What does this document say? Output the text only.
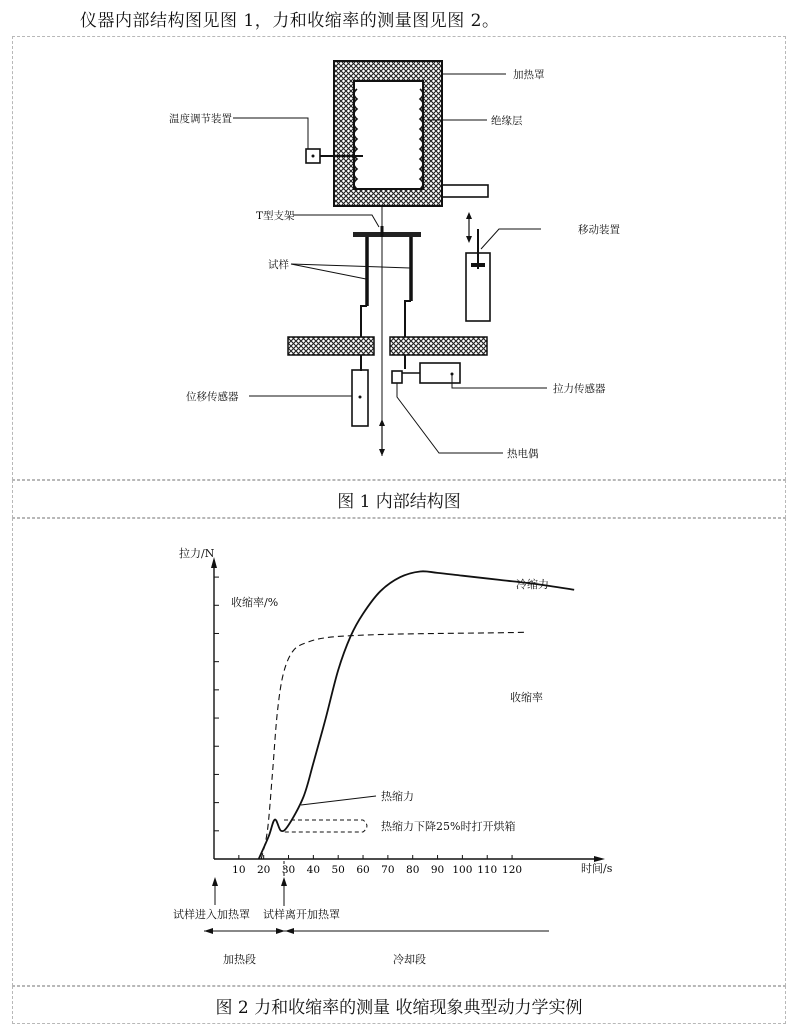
仪器内部结构图见图 1，力和收缩率的测量图见图 2。
加热罩
绝缘层
温度调节装置
T型支架
移动装置
试样
位移传感器
拉力传感器
热电偶
图 1 内部结构图
10 20 30 40 50 60 70 80 90 100 110 120
拉力/N
收缩率/%
时间/s
冷缩力
收缩率
热缩力
热缩力下降25%时打开烘箱
试样进入加热罩 试样离开加热罩
加热段	冷却段
图 2 力和收缩率的测量 收缩现象典型动力学实例
